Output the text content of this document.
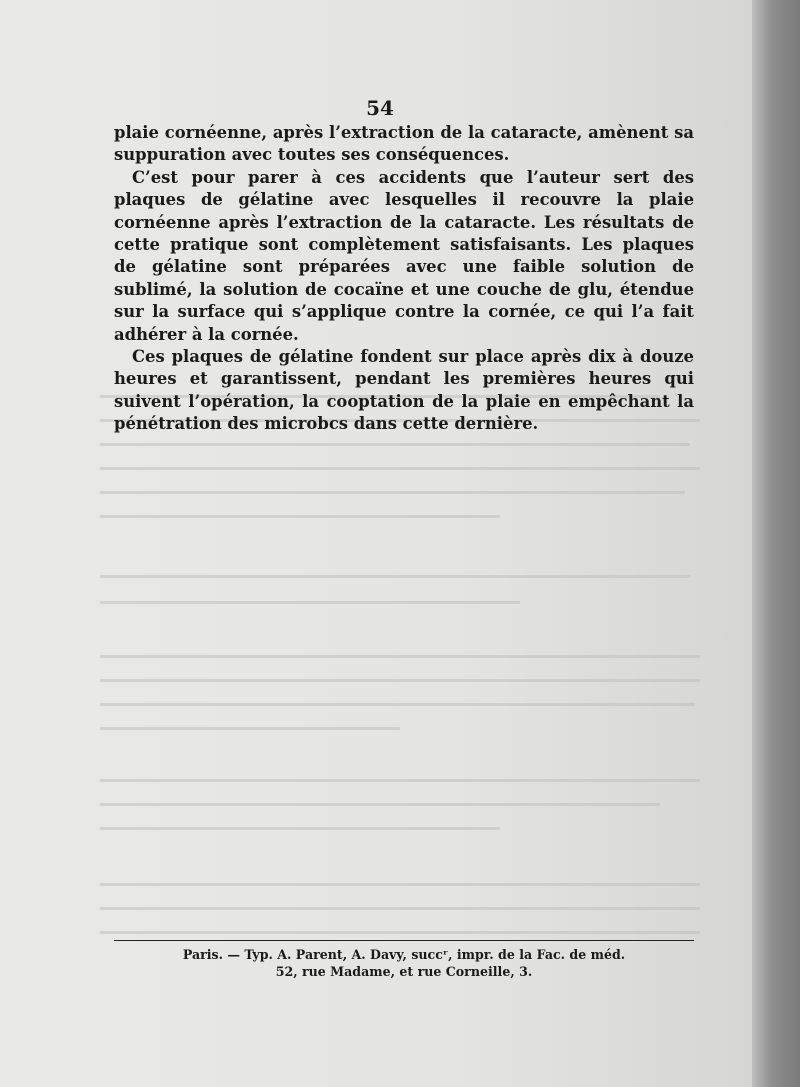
54

plaie cornéenne, après l’extraction de la cataracte, amènent sa suppuration avec toutes ses conséquences.

C’est pour parer à ces accidents que l’auteur sert des plaques de gélatine avec lesquelles il recouvre la plaie cornéenne après l’extraction de la cataracte. Les résultats de cette pratique sont complètement satisfaisants. Les plaques de gélatine sont préparées avec une faible solution de sublimé, la solution de cocaïne et une couche de glu, étendue sur la surface qui s’applique contre la cornée, ce qui l’a fait adhérer à la cornée.

Ces plaques de gélatine fondent sur place après dix à douze heures et garantissent, pendant les premières heures qui suivent l’opération, la cooptation de la plaie en empêchant la pénétration des microbcs dans cette dernière.

Paris. — Typ. A. Parent, A. Davy, succʳ, impr. de la Fac. de méd.
52, rue Madame, et rue Corneille, 3.
